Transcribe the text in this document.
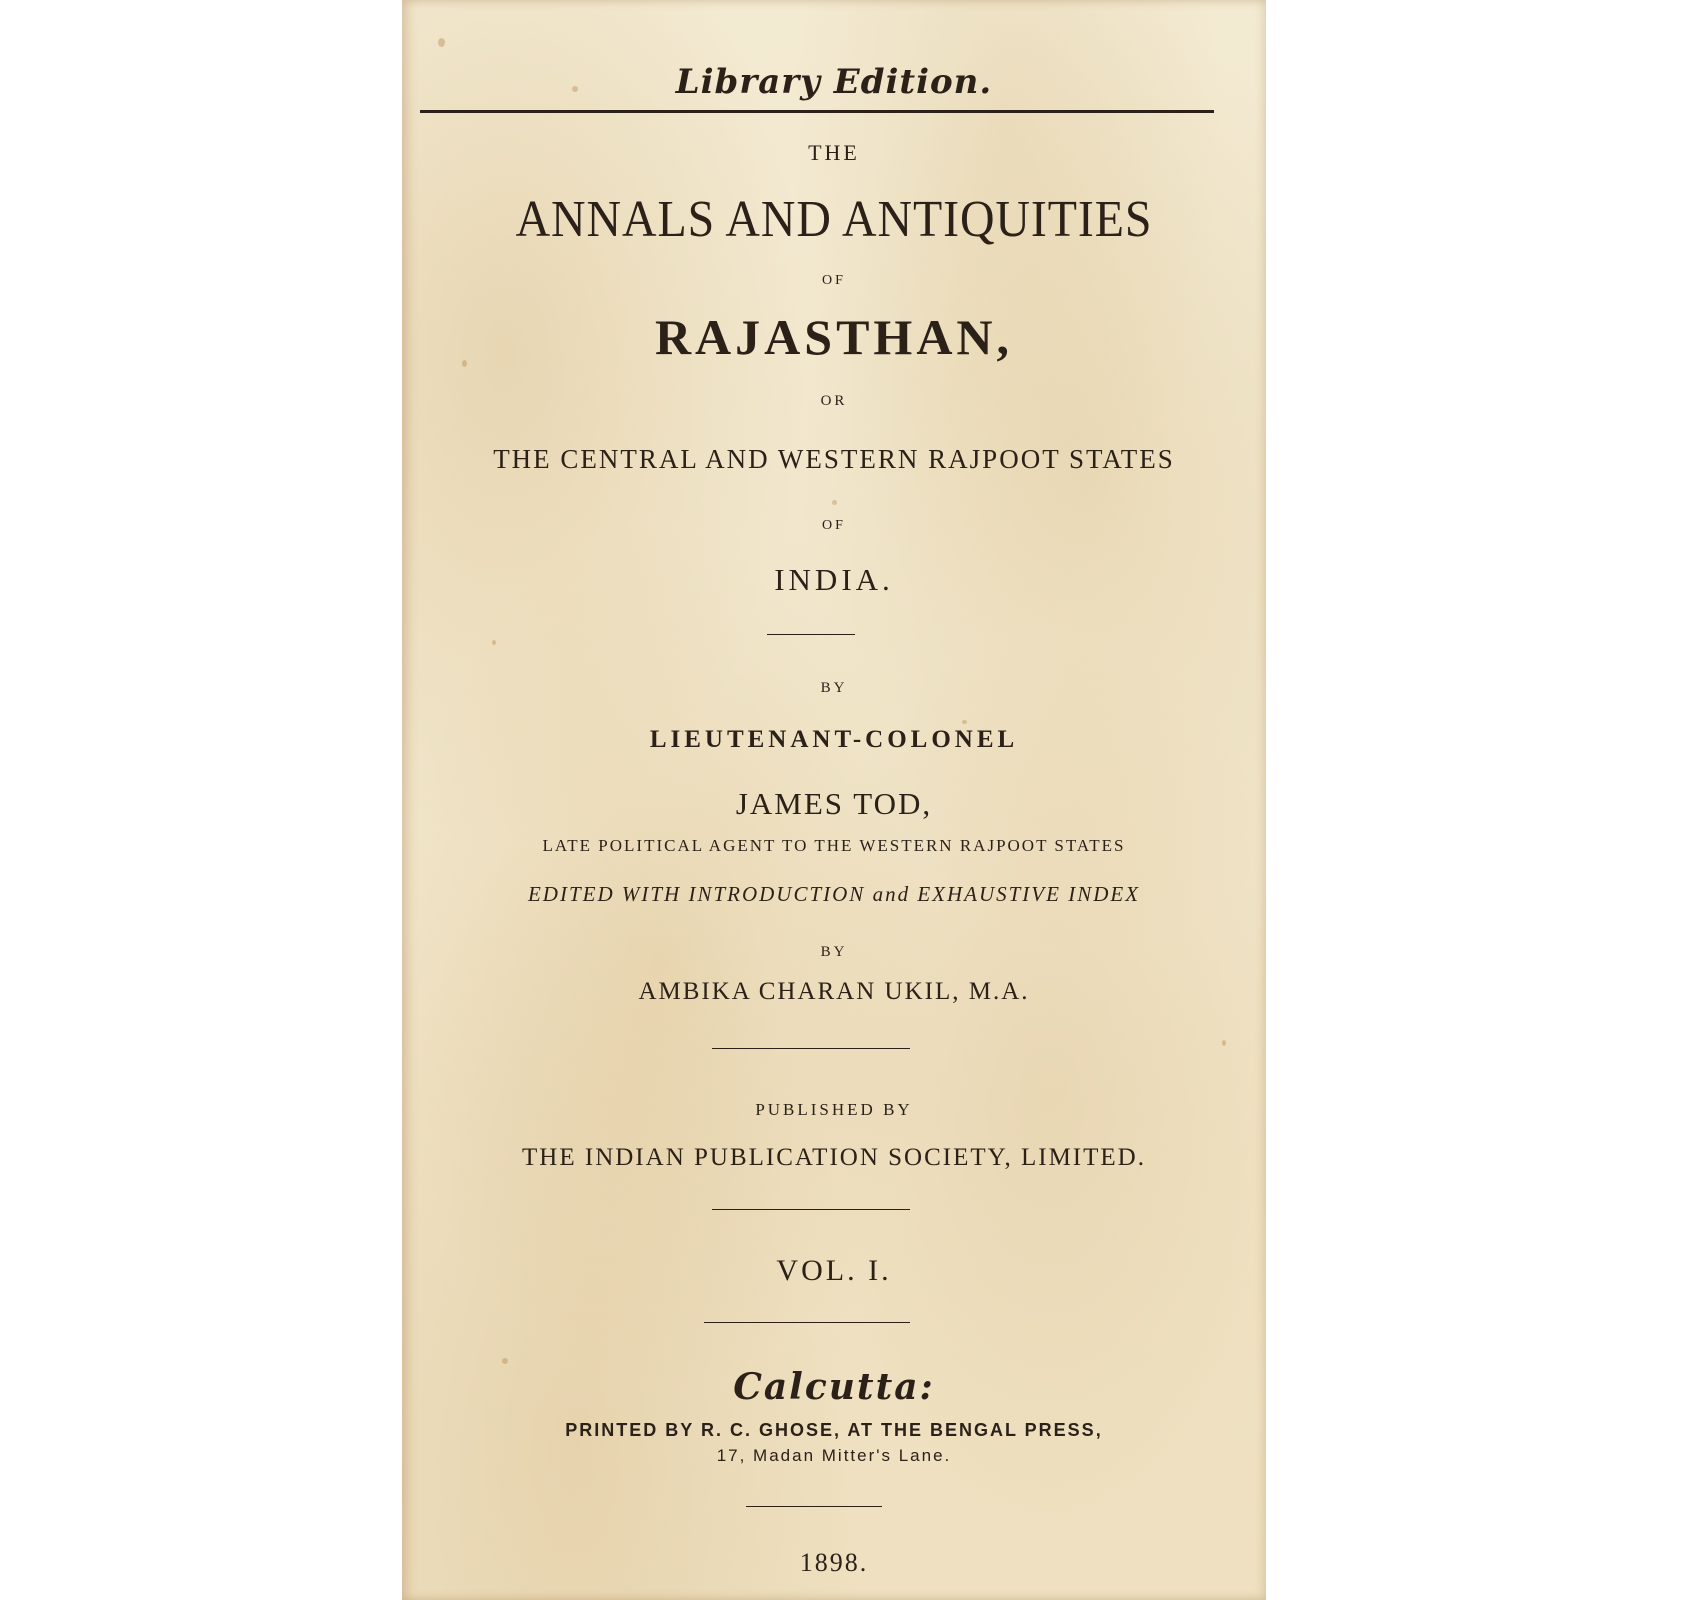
Library Edition.
THE
ANNALS AND ANTIQUITIES
OF
RAJASTHAN,
OR
THE CENTRAL AND WESTERN RAJPOOT STATES
OF
INDIA.
BY
LIEUTENANT-COLONEL
JAMES TOD,
LATE POLITICAL AGENT TO THE WESTERN RAJPOOT STATES
EDITED WITH INTRODUCTION and EXHAUSTIVE INDEX
BY
AMBIKA CHARAN UKIL, M.A.
PUBLISHED BY
THE INDIAN PUBLICATION SOCIETY, LIMITED.
VOL. I.
Calcutta:
PRINTED BY R. C. GHOSE, AT THE BENGAL PRESS,
17, Madan Mitter's Lane.
1898.
